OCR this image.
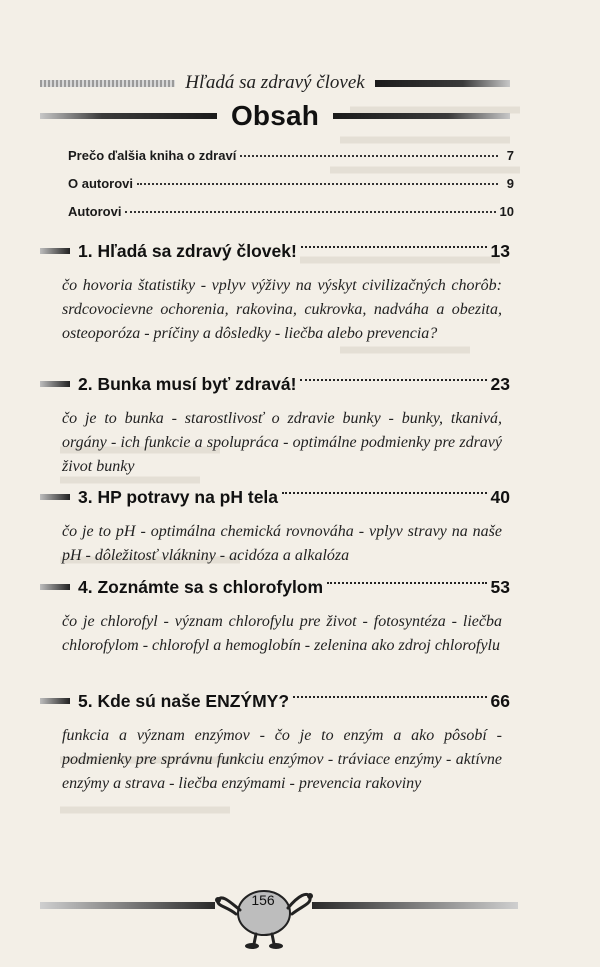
Hľadá sa zdravý človek
Obsah
Prečo ďalšia kniha o zdraví	7
O autorovi	9
Autorovi	10
1. Hľadá sa zdravý človek!	13
čo hovoria štatistiky - vplyv výživy na výskyt civilizačných chorôb: srdcovocievne ochorenia, rakovina, cukrovka, nadváha a obezita, osteoporóza - príčiny a dôsledky - liečba alebo prevencia?
2. Bunka musí byť zdravá!	23
čo je to bunka - starostlivosť o zdravie bunky - bunky, tkanivá, orgány - ich funkcie a spolupráca - optimálne podmienky pre zdravý život bunky
3. HP potravy na pH tela	40
čo je to pH - optimálna chemická rovnováha - vplyv stravy na naše pH - dôležitosť vlákniny - acidóza a alkalóza
4. Zoznámte sa s chlorofylom	53
čo je chlorofyl - význam chlorofylu pre život - fotosyntéza - liečba chlorofylom - chlorofyl a hemoglobín - zelenina ako zdroj chlorofylu
5. Kde sú naše ENZÝMY?	66
funkcia a význam enzýmov - čo je to enzým a ako pôsobí - podmienky pre správnu funkciu enzýmov - tráviace enzýmy - aktívne enzýmy a strava - liečba enzýmami - prevencia rakoviny
156
